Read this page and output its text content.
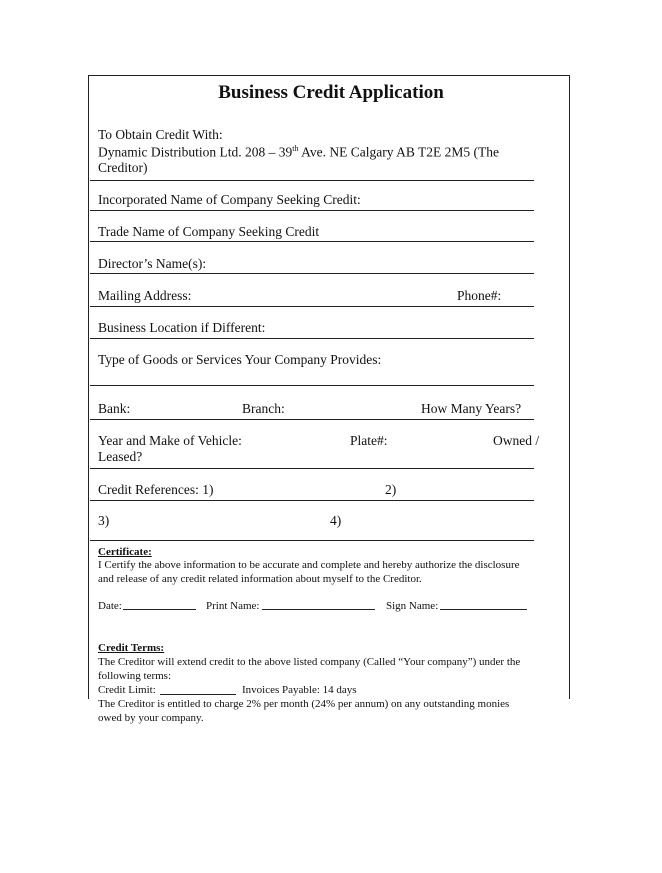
Business Credit Application
To Obtain Credit With:
Dynamic Distribution Ltd. 208 – 39th Ave. NE Calgary AB T2E 2M5 (The
Creditor)
Incorporated Name of Company Seeking Credit:
Trade Name of Company Seeking Credit
Director’s Name(s):
Mailing Address:	Phone#:
Business Location if Different:
Type of Goods or Services Your Company Provides:
Bank:	Branch:	How Many Years?
Year and Make of Vehicle:	Plate#:	Owned /
Leased?
Credit References: 1)	2)
3)	4)
Certificate:
I Certify the above information to be accurate and complete and hereby authorize the disclosure
and release of any credit related information about myself to the Creditor.
Date:	Print Name:	Sign Name:
Credit Terms:
The Creditor will extend credit to the above listed company (Called “Your company”) under the
following terms:
Credit Limit:	Invoices Payable: 14 days
The Creditor is entitled to charge 2% per month (24% per annum) on any outstanding monies
owed by your company.
